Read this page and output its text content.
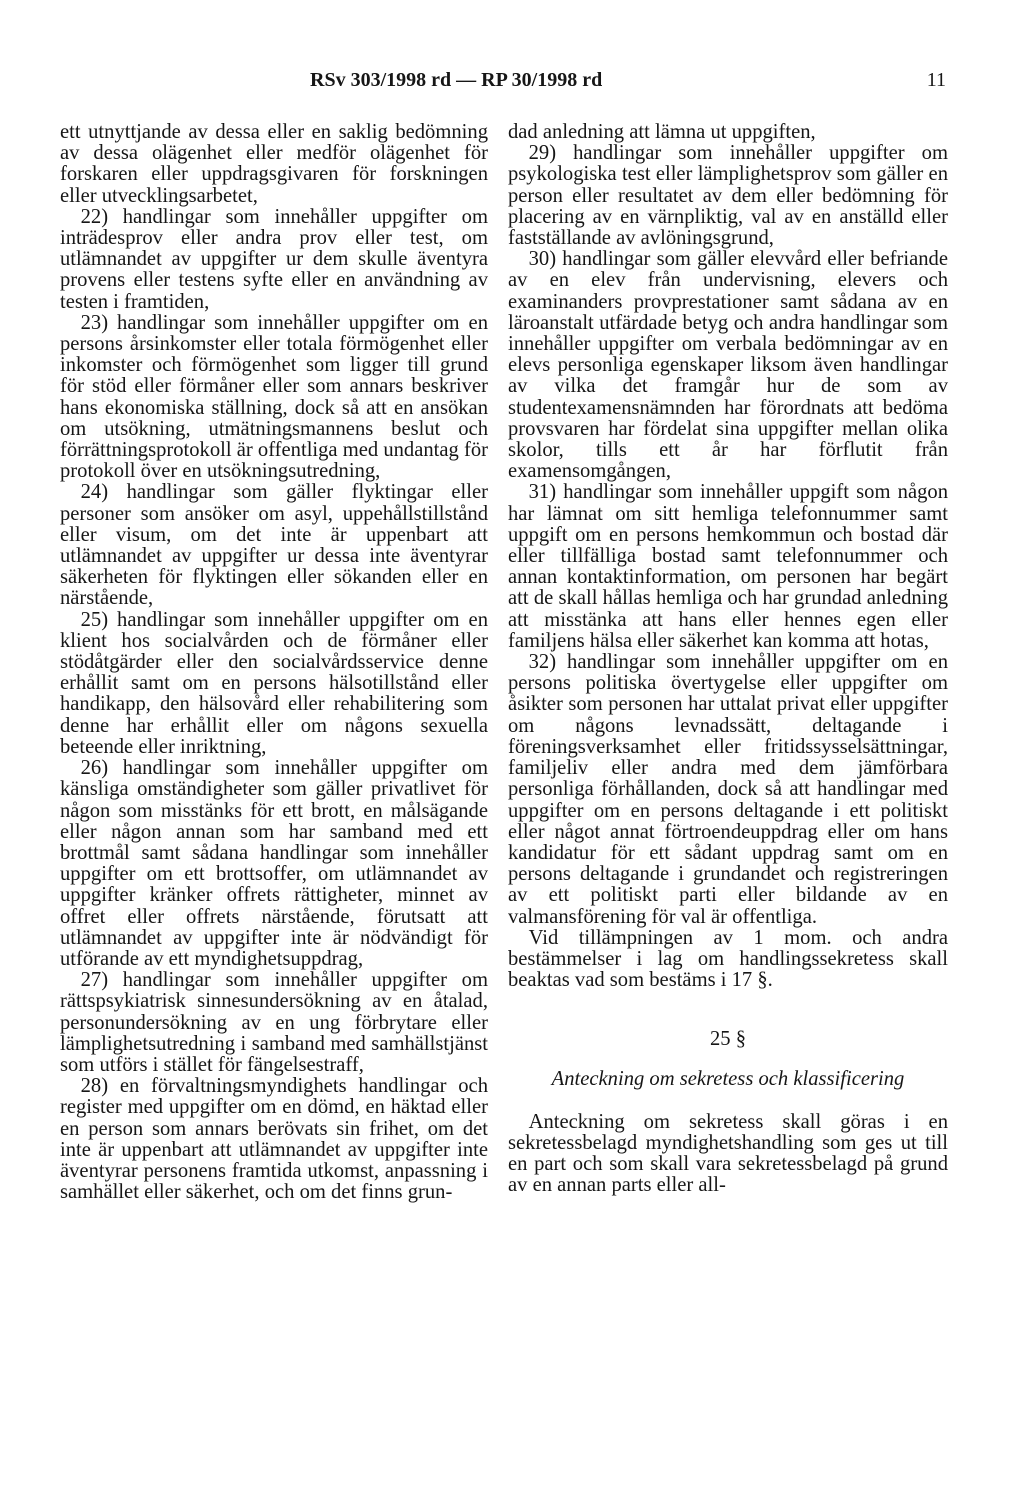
RSv 303/1998 rd — RP 30/1998 rd	11

ett utnyttjande av dessa eller en saklig bedömning av dessa olägenhet eller medför olägenhet för forskaren eller uppdragsgivaren för forskningen eller utvecklingsarbetet,

22) handlingar som innehåller uppgifter om inträdesprov eller andra prov eller test, om utlämnandet av uppgifter ur dem skulle äventyra provens eller testens syfte eller en användning av testen i framtiden,

23) handlingar som innehåller uppgifter om en persons årsinkomster eller totala förmögenhet eller inkomster och förmögenhet som ligger till grund för stöd eller förmåner eller som annars beskriver hans ekonomiska ställning, dock så att en ansökan om utsökning, utmätningsmannens beslut och förrättningsprotokoll är offentliga med undantag för protokoll över en utsökningsutredning,

24) handlingar som gäller flyktingar eller personer som ansöker om asyl, uppehållstillstånd eller visum, om det inte är uppenbart att utlämnandet av uppgifter ur dessa inte äventyrar säkerheten för flyktingen eller sökanden eller en närstående,

25) handlingar som innehåller uppgifter om en klient hos socialvården och de förmåner eller stödåtgärder eller den socialvårdsservice denne erhållit samt om en persons hälsotillstånd eller handikapp, den hälsovård eller rehabilitering som denne har erhållit eller om någons sexuella beteende eller inriktning,

26) handlingar som innehåller uppgifter om känsliga omständigheter som gäller privatlivet för någon som misstänks för ett brott, en målsägande eller någon annan som har samband med ett brottmål samt sådana handlingar som innehåller uppgifter om ett brottsoffer, om utlämnandet av uppgifter kränker offrets rättigheter, minnet av offret eller offrets närstående, förutsatt att utlämnandet av uppgifter inte är nödvändigt för utförande av ett myndighetsuppdrag,

27) handlingar som innehåller uppgifter om rättspsykiatrisk sinnesundersökning av en åtalad, personundersökning av en ung förbrytare eller lämplighetsutredning i samband med samhällstjänst som utförs i stället för fängelsestraff,

28) en förvaltningsmyndighets handlingar och register med uppgifter om en dömd, en häktad eller en person som annars berövats sin frihet, om det inte är uppenbart att utlämnandet av uppgifter inte äventyrar personens framtida utkomst, anpassning i samhället eller säkerhet, och om det finns grun-

dad anledning att lämna ut uppgiften,

29) handlingar som innehåller uppgifter om psykologiska test eller lämplighetsprov som gäller en person eller resultatet av dem eller bedömning för placering av en värnpliktig, val av en anställd eller fastställande av avlöningsgrund,

30) handlingar som gäller elevvård eller befriande av en elev från undervisning, elevers och examinanders provprestationer samt sådana av en läroanstalt utfärdade betyg och andra handlingar som innehåller uppgifter om verbala bedömningar av en elevs personliga egenskaper liksom även handlingar av vilka det framgår hur de som av studentexamensnämnden har förordnats att bedöma provsvaren har fördelat sina uppgifter mellan olika skolor, tills ett år har förflutit från examensomgången,

31) handlingar som innehåller uppgift som någon har lämnat om sitt hemliga telefonnummer samt uppgift om en persons hemkommun och bostad där eller tillfälliga bostad samt telefonnummer och annan kontaktinformation, om personen har begärt att de skall hållas hemliga och har grundad anledning att misstänka att hans eller hennes egen eller familjens hälsa eller säkerhet kan komma att hotas,

32) handlingar som innehåller uppgifter om en persons politiska övertygelse eller uppgifter om åsikter som personen har uttalat privat eller uppgifter om någons levnadssätt, deltagande i föreningsverksamhet eller fritidssysselsättningar, familjeliv eller andra med dem jämförbara personliga förhållanden, dock så att handlingar med uppgifter om en persons deltagande i ett politiskt eller något annat förtroendeuppdrag eller om hans kandidatur för ett sådant uppdrag samt om en persons deltagande i grundandet och registreringen av ett politiskt parti eller bildande av en valmansförening för val är offentliga.

Vid tillämpningen av 1 mom. och andra bestämmelser i lag om handlingssekretess skall beaktas vad som bestäms i 17 §.

25 §

Anteckning om sekretess och klassificering

Anteckning om sekretess skall göras i en sekretessbelagd myndighetshandling som ges ut till en part och som skall vara sekretessbelagd på grund av en annan parts eller all-
